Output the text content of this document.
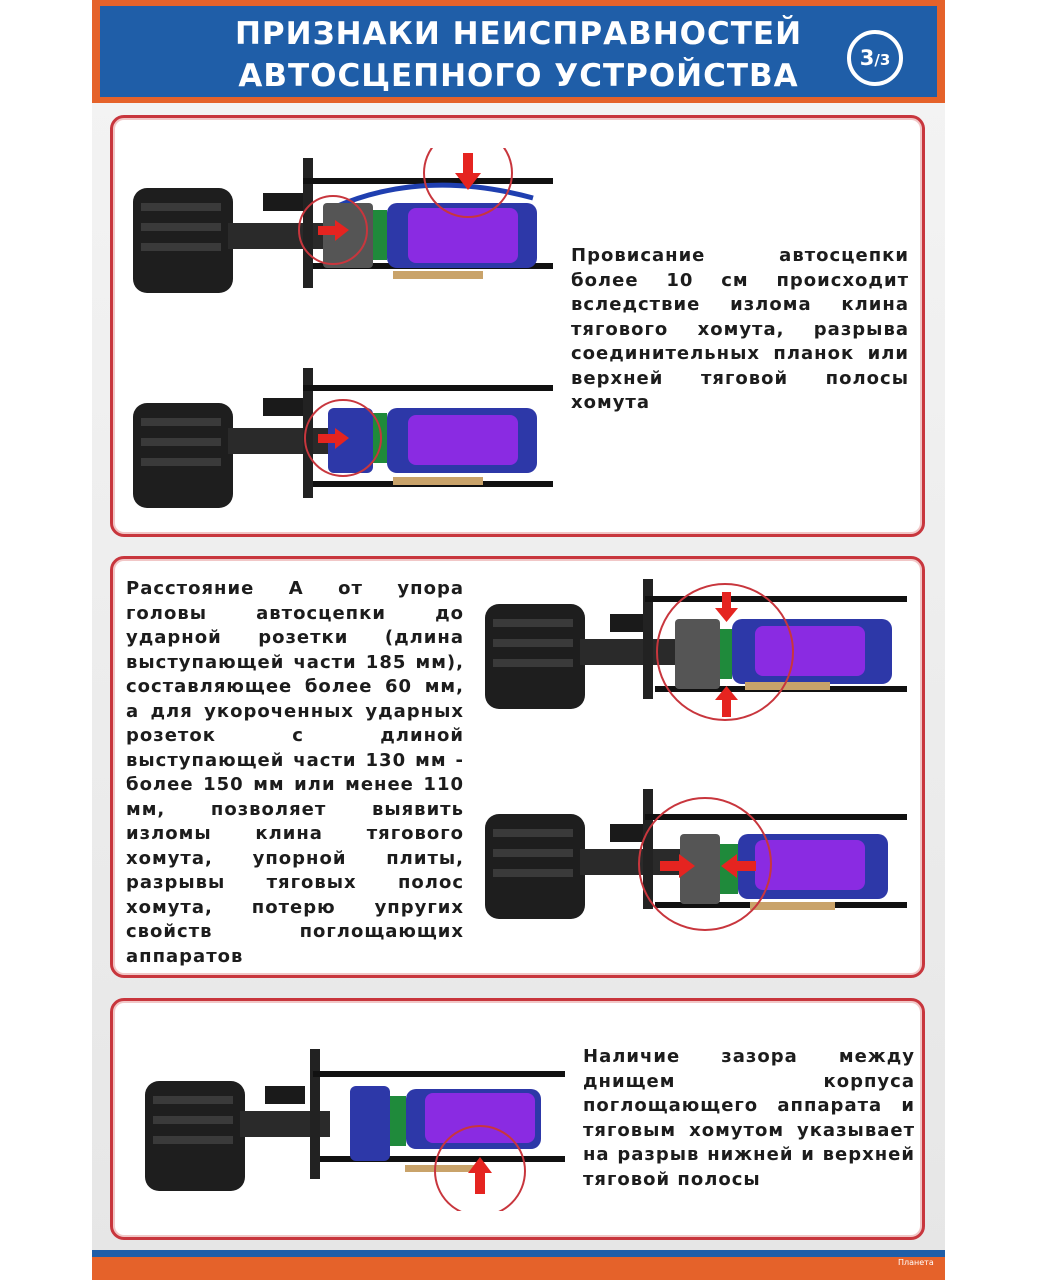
ПРИЗНАКИ НЕИСПРАВНОСТЕЙ
АВТОСЦЕПНОГО УСТРОЙСТВА	3/3
Провисание автосцепки более 10 см происходит вследствие излома клина тягового хомута, разрыва соединительных планок или верхней тяговой полосы хомута
Расстояние А от упора головы автосцепки до ударной розетки (длина выступающей части 185 мм), составляющее более 60 мм, а для укороченных ударных розеток с длиной выступающей части 130 мм - более 150 мм или менее 110 мм, позволяет выявить изломы клина тягового хомута, упорной плиты, разрывы тяговых полос хомута, потерю упругих свойств поглощающих аппаратов
Наличие зазора между днищем корпуса поглощающего аппарата и тяговым хомутом указывает на разрыв нижней и верхней тяговой полосы
Планета
